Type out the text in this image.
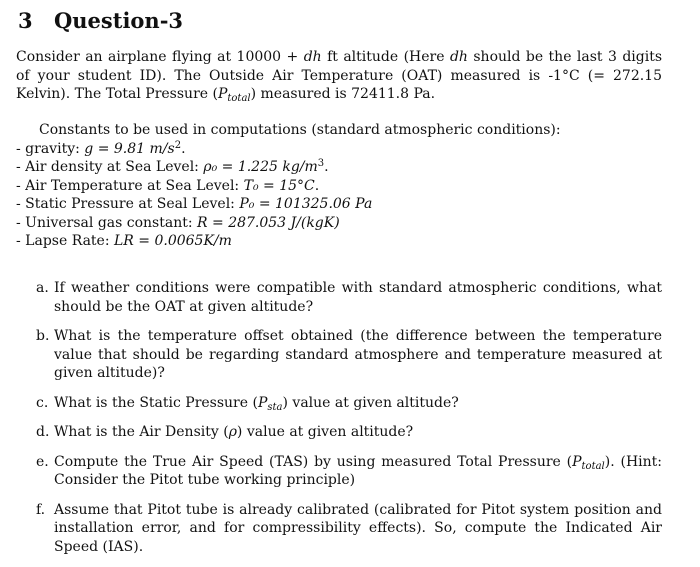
3 Question-3
Consider an airplane flying at 10000 + dh ft altitude (Here dh should be the last 3 digits of your student ID). The Outside Air Temperature (OAT) measured is -1°C (= 272.15 Kelvin). The Total Pressure $(P_{total})$ measured is 72411.8 Pa.
Constants to be used in computations (standard atmospheric conditions):
- gravity: g = 9.81 $m/s^2$.
- Air density at Sea Level: ρ₀ = 1.225 $kg/m^3$.
- Air Temperature at Sea Level: T₀ = 15°C.
- Static Pressure at Seal Level: P₀ = 101325.06 Pa
- Universal gas constant: R = 287.053 J/(kgK)
- Lapse Rate: LR = 0.0065K/m
a. If weather conditions were compatible with standard atmospheric conditions, what should be the OAT at given altitude?
b. What is the temperature offset obtained (the difference between the temperature value that should be regarding standard atmosphere and temperature measured at given altitude)?
c. What is the Static Pressure $(P_{sta})$ value at given altitude?
d. What is the Air Density (ρ) value at given altitude?
e. Compute the True Air Speed (TAS) by using measured Total Pressure $(P_{total})$. (Hint: Consider the Pitot tube working principle)
f. Assume that Pitot tube is already calibrated (calibrated for Pitot system position and installation error, and for compressibility effects). So, compute the Indicated Air Speed (IAS).
